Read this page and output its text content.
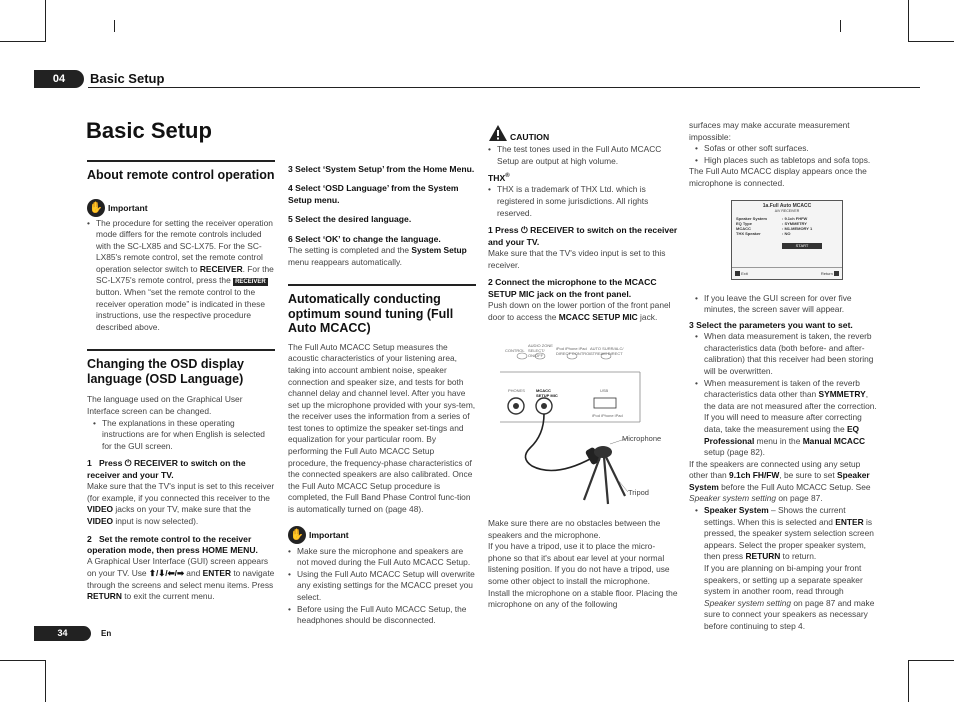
04	Basic Setup
Basic Setup

About remote control operation

✋ Important
• The procedure for setting the receiver operation mode differs for the remote controls included with the SC-LX85 and SC-LX75. For the SC-LX85's remote control, set the remote control operation selector switch to RECEIVER. For the SC-LX75's remote control, press the RECEIVER button. When “set the remote control to the receiver operation mode” is indicated in these instructions, use the respective procedure described above.

Changing the OSD display language (OSD Language)

The language used on the Graphical User Interface screen can be changed.

• The explanations in these operating instructions are for when English is selected for the GUI screen.

1 Press ⏻ RECEIVER to switch on the receiver and your TV.

Make sure that the TV's input is set to this receiver (for example, if you connected this receiver to the VIDEO jacks on your TV, make sure that the VIDEO input is now selected).

2 Set the remote control to the receiver operation mode, then press HOME MENU.

A Graphical User Interface (GUI) screen appears on your TV. Use ⬆/⬇/⬅/➡ and ENTER to navigate through the screens and select menu items. Press RETURN to exit the current menu.

3 Select ‘System Setup’ from the Home Menu.

4 Select ‘OSD Language’ from the System Setup menu.

5 Select the desired language.

6 Select ‘OK’ to change the language.

The setting is completed and the System Setup menu reappears automatically.

Automatically conducting optimum sound tuning (Full Auto MCACC)

The Full Auto MCACC Setup measures the acoustic characteristics of your listening area, taking into account ambient noise, speaker connection and speaker size, and tests for both channel delay and channel level. After you have set up the microphone provided with your sys-tem, the receiver uses the information from a series of test tones to optimize the speaker set-tings and equalization for your particular room. By performing the Full Auto MCACC Setup procedure, the frequency-phase characteristics of the connected speakers are also calibrated. Once the Full Auto MCACC Setup procedure is completed, the Full Band Phase Control func-tion is automatically turned on (page 48).

✋ Important
• Make sure the microphone and speakers are not moved during the Full Auto MCACC Setup.
• Using the Full Auto MCACC Setup will overwrite any existing settings for the MCACC preset you select.
• Before using the Full Auto MCACC Setup, the headphones should be disconnected.
CAUTION
• The test tones used in the Full Auto MCACC Setup are output at high volume.

THX®

• THX is a trademark of THX Ltd. which is registered in some jurisdictions. All rights reserved.

1 Press ⏻ RECEIVER to switch on the receiver and your TV.

Make sure that the TV's video input is set to this receiver.

2 Connect the microphone to the MCACC SETUP MIC jack on the front panel.

Push down on the lower portion of the front panel door to access the MCACC SETUP MIC jack.

CONTROL
AUDIO ZONE SELECT/ ON/OFF
iPod iPhone iPad DIRECT CONTROL
AUTO SURR/ALC/ STREAM DIRECT
PHONES	MCACC SETUP MIC
USB
iPod iPhone iPad
Microphone
Tripod

Make sure there are no obstacles between the speakers and the microphone.

If you have a tripod, use it to place the micro-phone so that it's about ear level at your normal listening position. If you do not have a tripod, use some other object to install the microphone.

Install the microphone on a stable floor. Placing the microphone on any of the following

surfaces may make accurate measurement impossible:

• Sofas or other soft surfaces.
• High places such as tabletops and sofa tops.

The Full Auto MCACC display appears once the microphone is connected.

1a.Full Auto MCACC
A/V RECEIVER
Speaker System	: 9.1ch FHFW
EQ Type	: SYMMETRY
MCACC	: M1.MEMORY 1
THX Speaker	: NO
START
Exit	Return
• If you leave the GUI screen for over five minutes, the screen saver will appear.

3 Select the parameters you want to set.

• When data measurement is taken, the reverb characteristics data (both before- and after-calibration) that this receiver had been storing will be overwritten.
• When measurement is taken of the reverb characteristics data other than SYMMETRY, the data are not measured after the correction. If you will need to measure after correcting data, take the measurement using the EQ Professional menu in the Manual MCACC setup (page 82).

If the speakers are connected using any setup other than 9.1ch FH/FW, be sure to set Speaker System before the Full Auto MCACC Setup. See Speaker system setting on page 87.

• Speaker System – Shows the current settings. When this is selected and ENTER is pressed, the speaker system selection screen appears. Select the proper speaker system, then press RETURN to return.

If you are planning on bi-amping your front speakers, or setting up a separate speaker system in another room, read through Speaker system setting on page 87 and make sure to connect your speakers as necessary before continuing to step 4.

34	En
